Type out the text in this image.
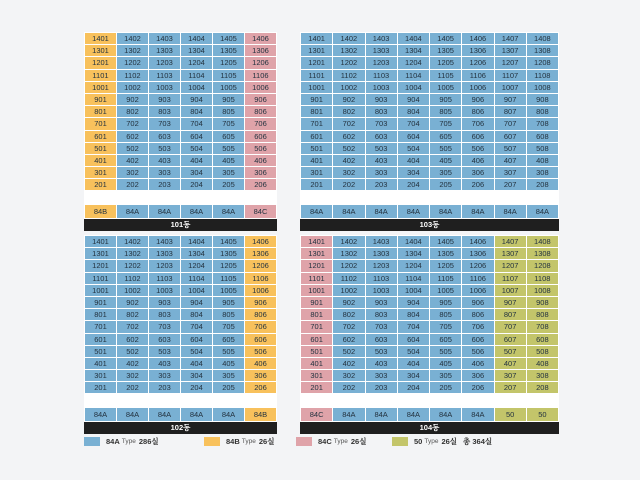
1401	1402	1403	1404	1405	1406
1301	1302	1303	1304	1305	1306
1201	1202	1203	1204	1205	1206
1101	1102	1103	1104	1105	1106
1001	1002	1003	1004	1005	1006
901	902	903	904	905	906
801	802	803	804	805	806
701	702	703	704	705	706
601	602	603	604	605	606
501	502	503	504	505	506
401	402	403	404	405	406
301	302	303	304	305	306
201	202	203	204	205	206
84B	84A	84A	84A	84A	84C
101동
1401	1402	1403	1404	1405	1406	1407	1408
1301	1302	1303	1304	1305	1306	1307	1308
1201	1202	1203	1204	1205	1206	1207	1208
1101	1102	1103	1104	1105	1106	1107	1108
1001	1002	1003	1004	1005	1006	1007	1008
901	902	903	904	905	906	907	908
801	802	803	804	805	806	807	808
701	702	703	704	705	706	707	708
601	602	603	604	605	606	607	608
501	502	503	504	505	506	507	508
401	402	403	404	405	406	407	408
301	302	303	304	305	306	307	308
201	202	203	204	205	206	207	208
84A	84A	84A	84A	84A	84A	84A	84A
103동
1401	1402	1403	1404	1405	1406
1301	1302	1303	1304	1305	1306
1201	1202	1203	1204	1205	1206
1101	1102	1103	1104	1105	1106
1001	1002	1003	1004	1005	1006
901	902	903	904	905	906
801	802	803	804	805	806
701	702	703	704	705	706
601	602	603	604	605	606
501	502	503	504	505	506
401	402	403	404	405	406
301	302	303	304	305	306
201	202	203	204	205	206
84A	84A	84A	84A	84A	84B
102동
1401	1402	1403	1404	1405	1406	1407	1408
1301	1302	1303	1304	1305	1306	1307	1308
1201	1202	1203	1204	1205	1206	1207	1208
1101	1102	1103	1104	1105	1106	1107	1108
1001	1002	1003	1004	1005	1006	1007	1008
901	902	903	904	905	906	907	908
801	802	803	804	805	806	807	808
701	702	703	704	705	706	707	708
601	602	603	604	605	606	607	608
501	502	503	504	505	506	507	508
401	402	403	404	405	406	407	408
301	302	303	304	305	306	307	308
201	202	203	204	205	206	207	208
84C	84A	84A	84A	84A	84A	50	50
104동
84A Type 286실	84B Type 26실	84C Type 26실	50 Type 26실 총 364실
